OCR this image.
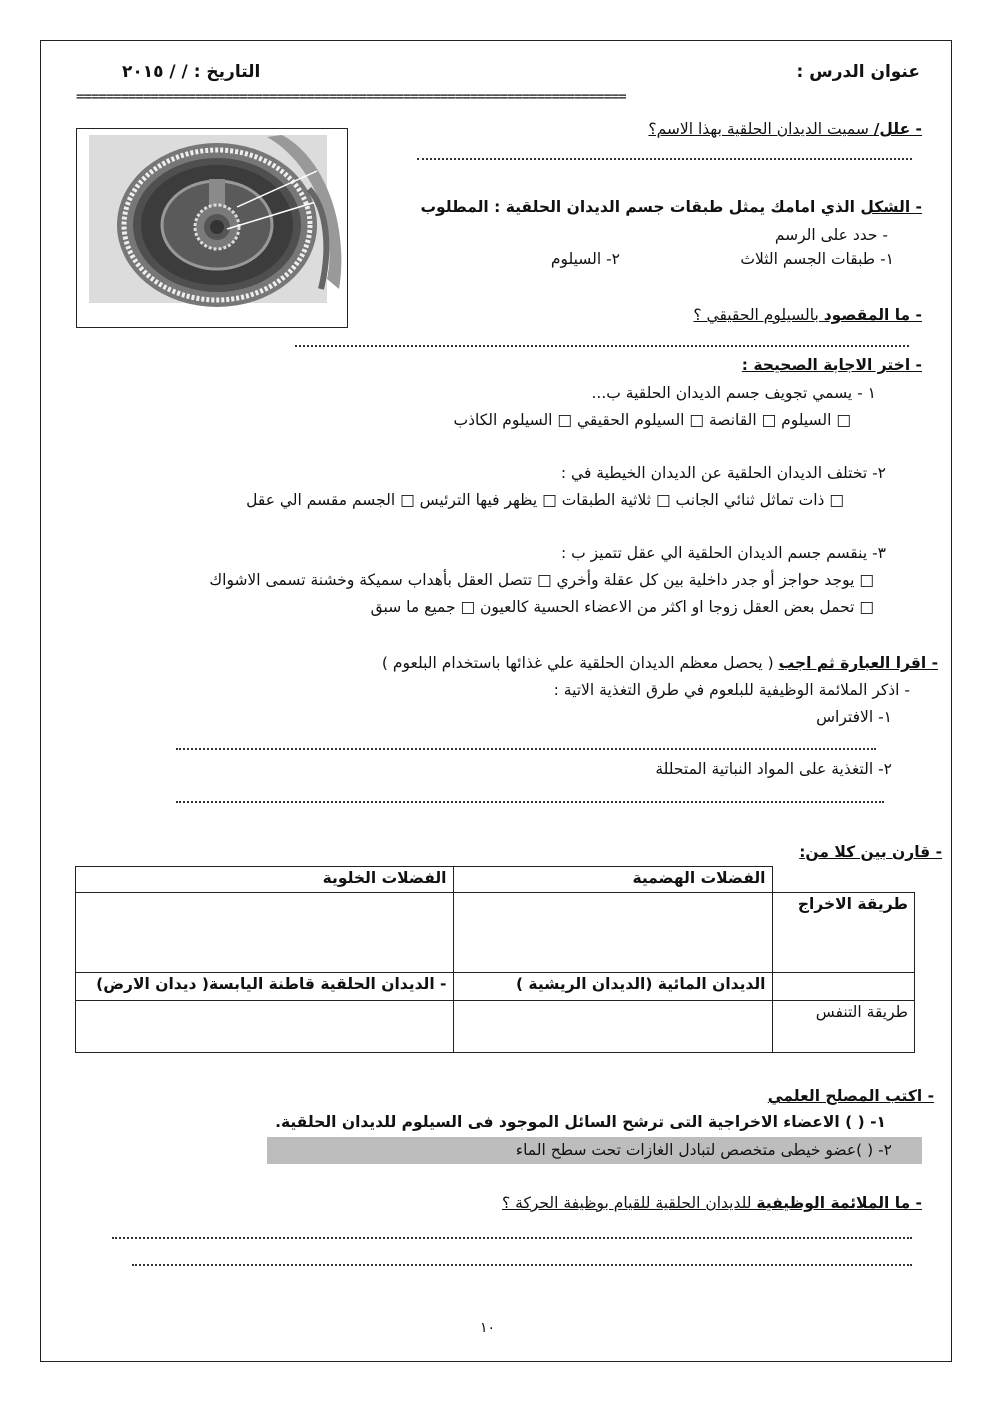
عنوان الدرس :
التاريخ : / / ٢٠١٥
==========================================================================
- علل/ سميت الديدان الحلقية بهذا الاسم؟
- الشكل الذي امامك يمثل طبقات جسم الديدان الحلقية : المطلوب
- حدد على الرسم
١- طبقات الجسم الثلاث
٢- السيلوم
- ما المقصود بالسيلوم الحقيقي ؟
- اختر الاجابة الصحيحة :
١ - يسمي تجويف جسم الديدان الحلقية ب...
□ السيلوم □ القانصة □ السيلوم الحقيقي □ السيلوم الكاذب
٢- تختلف الديدان الحلقية عن الديدان الخيطية في :
□ ذات تماثل ثنائي الجانب □ ثلاثية الطبقات □ يظهر فيها الترئيس □ الجسم مقسم الي عقل
٣- ينقسم جسم الديدان الحلقية الي عقل تتميز ب :
□ يوجد حواجز أو جدر داخلية بين كل عقلة وأخري □ تتصل العقل بأهداب سميكة وخشنة تسمى الاشواك
□ تحمل بعض العقل زوجا او اكثر من الاعضاء الحسية كالعيون □ جميع ما سبق
- اقرا العبارة ثم اجب ( يحصل معظم الديدان الحلقية علي غذائها باستخدام البلعوم )
- اذكر الملائمة الوظيفية للبلعوم في طرق التغذية الاتية :
١- الافتراس
٢- التغذية على المواد النباتية المتحللة
- قارن بين كلا من:
	الفضلات الهضمية	الفضلات الخلوية
طريقة الاخراج		
	الديدان المائية (الديدان الريشية )	- الديدان الحلقية قاطنة اليابسة( ديدان الارض)
طريقة التنفس		
- اكتب المصلح العلمي
١- ( ) الاعضاء الاخراجية التى ترشح السائل الموجود فى السيلوم للديدان الحلقية.
٢- ( )عضو خيطى متخصص لتبادل الغازات تحت سطح الماء
- ما الملائمة الوظيفية للديدان الحلقية للقيام بوظيفة الحركة ؟
١٠
